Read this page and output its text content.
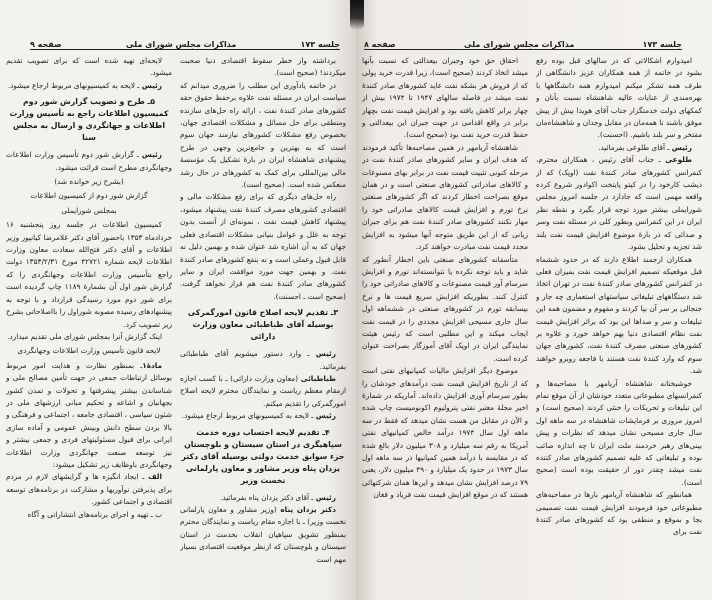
جلسه ۱۷۳
مذاکرات مجلس شورای ملی
صفحه ۹
برداشته واز خطر سقوط اقتصادی دنیا صحبت میکردند! (صحیح است).
در خاتمه یادآوری این مطلب را ضروری میدانم که سیاست ایران در مسئله نفت علاوه برحفظ حقوق حقه کشورهای صادر کنندهٔ نفت ، ارائه راه حل‌های سازنده ومنطقی برای حل مسائل و مشکلات اقتصادی جهان، بخصوص رفع مشکلات کشورهای نیازمند جهان سوم است که به بهترین و جامع‌ترین وجهی در طرح پیشنهادی شاهنشاه ایران در بارهٔ تشکیل یک مؤسسهٔ مالی بین‌المللی برای کمک به کشورهای در حال رشد منعکس شده است. (صحیح است).
راه حل‌های دیگری که برای رفع مشکلات مالی و اقتصادی کشورهای مصرف کنندهٔ نفت پیشنهاد میشود، پیشنهاد کاهش قیمت نفت ، نمونه‌ای از آنست بدون توجه به علل و عوامل بنیانی مشکلات اقتصادی فعلی جهان که به آن اشاره شد عنوان شده و بهمین دلیل نه قابل قبول وعملی است و نه بنفع کشورهای صادر کنندهٔ نفت. و بهمین جهت مورد موافقت ایران و سایر کشورهای صادر کنندهٔ نفت هم قرار نخواهد گرفت. (صحیح است ـ احسنت).
۳ـ تقدیم لایحه اصلاح قانون امورگمرکی بوسیله آقای طباطبائی معاون وزارت دارائی
رئیس ـ وارد دستور میشویم آقای طباطبائی بفرمائید.
طباطبائی (معاون وزارت دارائی) ـ با کسب اجازه ازمقام معظم ریاست و نمایندگان محترم لایحه اصلاح امورگمرکی را تقدیم میکنم.
رئیس ـ لایحه به کمیسیونهای مربوط ارجاع میشود.
۴ـ تقدیم لایحه احتساب دوره خدمت سپاهیگری در استان سیستان و بلوچستان جزء سوابق خدمت دولتی بوسیله آقای دکتر یزدان پناه وزیر مشاور و معاون پارلمانی نخست وزیر
رئیس ـ آقای دکتر یزدان پناه بفرمائید.
دکتر یزدان پناه (وزیر مشاور و معاون پارلمانی نخست وزیر) ـ با اجازه مقام ریاست و نمایندگان محترم بمنظور تشویق سپاهیان انقلاب بخدمت در استان سیستان و بلوچستان که ازنظر موقعیت اقتصادی بسیار مهم است
لایحه‌ای تهیه شده است که برای تصویب تقدیم میشود.
رئیس ـ لایحه به کمیسیونهای مربوط ارجاع میشود.
۵ـ طرح و تصویب گزارش شور دوم کمیسیون اطلاعات راجع به تأسیس وزارت اطلاعات و جهانگردی و ارسال به مجلس سنا
رئیس ـ گزارش شور دوم تأسیس وزارت اطلاعات وجهانگردی مطرح است قرائت میشود.
(بشرح زیر خوانده شد)
گزارش شور دوم از کمیسیون اطلاعات
بمجلس شورایملی
کمیسیون اطلاعات در جلسه روز پنجشنبه ۱۶ خردادماه ۱۳۵۳ باحضور آقای دکتر غلامرضا کیانپور وزیر اطلاعات و آقای دکتر فتح‌الله سعادت معاون وزارت اطلاعات لایحه شماره ۴۲۷۲۱ مورخ ۱۳۵۳/۲/۳۱ دولت راجع بتأسیس وزارت اطلاعات وجهانگردی را که گزارش شور اول آن بشمارهٔ ۱۱۸۹ چاپ گردیده است برای شور دوم مورد رسیدگی قرارداد و با توجه به پیشنهادهای رسیده مصوبه شوراول را بااصلاحاتی بشرح زیر تصویب کرد.
اینک گزارش آنرا بمجلس شورای ملی تقدیم میدارد.
لایحه قانون تأسیس وزارت اطلاعات وجهانگردی
مادهٔ۱ـ بمنظور نظارت و هدایت امور مربوط بوسائل ارتباطات جمعی در جهت تأمین مصالح ملی و شناساندن بیشتر پیشرفتها و تحولات و تمدن کشور بجهانیان و اشاعه و تحکیم مبانی ارزشهای ملی در شئون سیاسی ، اقتصادی جامعه ، اجتماعی و فرهنگی و بالا بردن سطح دانش وبینش عمومی و آماده سازی ایرانی برای قبول مسئولیتهای فردی و جمعی بیشتر و نیز توسعه صنعت جهانگردی وزارت اطلاعات وجهانگردی باوظایف زیر تشکیل میشود:
الف ـ ایجاد انگیزه ها و گرایشهای لازم در مردم برای پذیرفتن نوآوریها و مشارکت در برنامه‌های توسعه اقتصادی و اجتماعی کشور.
ب ـ تهیه و اجرای برنامه‌های انتشاراتی و آگاه
جلسه ۱۷۳
مذاکرات مجلس شورای ملی
صفحه ۸
امیدوارم اشکالاتی که در سالهای قبل بوده رفع بشود در خاتمه از همه همکاران عزیز دانشگاهی از طرف همه تشکر میکنم امیدوارم همه دانشگاهها با بهره‌مندی از عنایات عالیه شاهنشاه نسبت بآنان و کمکهای دولت خدمتگزار جناب آقای هویدا بیش از پیش موفق باشند تا همه‌مان در مقابل وجدان و شاهنشاه‌مان مفتخر و سر بلند باشیم. (احسنت).
رئیس ـ آقای طلوعی بفرمائید.
طلوعی ـ جناب آقای رئیس ، همکاران محترم، کنفرانس کشورهای صادر کنندهٔ نفت (اوپک) که از دیشب کارخود را در کیتو پایتخت اکوادور شروع کرده واقعه مهمی است که جادارد در جلسه امروز مجلس شورایملی بیشتر مورد توجه قرار بگیرد و نقطه نظر ایران در این کنفرانس وبطور کلی در مسئله نفت وسر و صدائی که در بارهٔ موضوع افزایش قیمت نفت بلند شد تجزیه و تحلیل بشود.
همکاران ارجمند اطلاع دارند که در حدود ششماه قبل موقعیکه تصمیم افزایش قیمت نفت بمیزان فعلی در کنفرانس کشورهای صادر کنندهٔ نفت در تهران اتخاذ شد دستگاههای تبلیغاتی سیاستهای استعماری چه جار و جنجالی بر سر آن بپا کردند و مفهوم و مضمون همه این تبلیغات و سر و صداها این بود که براثر افزایش قیمت نفت نظام اقتصادی دنیا بهم خواهد خورد و علاوه بر کشورهای صنعتی مصرف کنندهٔ نفت، کشورهای جهان سوم که وارد کنندهٔ نفت هستند با فاجعه روبرو خواهند شد.
خوشبختانه شاهنشاه آریامهر با مصاحبه‌ها و کنفرانسهای مطبوعاتی متعدد خودشان از آن موقع تمام این تبلیغات و تحریکات را خنثی کردند (صحیح است) و امروز مروری بر فرمایشات شاهنشاه در سه ماهه اول سال جاری مسیحی نشان میدهد که نظرات و پیش بینی‌های رهبر خردمند ملت ایران تا چه اندازه صائب بوده و تبلیغاتی که علیه تصمیم کشورهای صادر کننده نفت میشد چقدر دور از حقیقت بوده است (صحیح است).
همانطور که شاهنشاه آریامهر بارها در مصاحبه‌های مطبوعاتی خود فرمودند افزایش قیمت نفت تصمیمی بجا و بموقع و منطقی بود که کشورهای صادر کنندهٔ نفت برای
احقاق حق خود وجبران بیعدالتی که نسبت بآنها میشد اتخاذ کردند (صحیح است)، زیرا قدرت خرید پولی که از فروش هر بشکه نفت عاید کشورهای صادر کنندهٔ نفت میشد در فاصله سالهای ۱۹۴۷ تا ۱۹۷۴ بیش از چهار برابر کاهش یافته بود و افزایش قیمت نفت بچهار برابر در واقع اقدامی در جهت جبران این بیعدالتی و حفظ قدرت خرید نفت بود (صحیح است).
شاهنشاه آریامهر در همین مصاحبه‌ها تأکید فرمودند که هدف ایران و سایر کشورهای صادر کنندهٔ نفت در مرحله کنونی تثبیت قیمت نفت در برابر بهای مصنوعات و کالاهای صادراتی کشورهای صنعتی است و در همان موقع بصراحت اخطار کردند که اگر کشورهای صنعتی نرخ تورم و افزایش قیمت کالاهای صادراتی خود را مهار نکنند کشورهای صادر کنندهٔ نفت هم برای جبران زیانی که از این طریق متوجه آنها میشود به افزایش مجدد قیمت نفت مبادرت خواهند کرد.
متأسفانه کشورهای صنعتی باین اخطار آنطور که شاید و باید توجه نکرده یا نتوانسته‌اند تورم و افزایش سرسام آور قیمت مصنوعات و کالاهای صادراتی خود را کنترل کنند. بطوریکه افزایش سریع قیمت ها و نرخ بیسابقه تورم در کشورهای صنعتی در ششماهه اول سال جاری مسیحی افزایش مجددی را در قیمت نفت ایجاب میکند و این مطلبی است که رئیس هیئت نمایندگی ایران در اوپک آقای آموزگار بصراحت عنوان کرده است.
موضوع دیگر افزایش مالیات کمپانیهای نفتی است که از تاریخ افزایش قیمت نفت درآمدهای خودشان را بطور سرسام آوری افزایش داده‌اند. آماریکه در شمارهٔ اخیر مجلهٔ معتبر نفتی پترولیوم اکونومیست چاپ شده و الآن در مقابل من هست نشان میدهد که فقط در سه ماهه اول سال ۱۹۷۴ درآمد خالص کمپانیهای نفتی آمریکا به رقم سه میلیارد و ۳۰۸ میلیون دلار بالغ شده که در مقایسه با درآمد همین کمپانیها در سه ماهه اول سال ۱۹۷۳ در حدود یک میلیارد و ۴۹۰ میلیون دلار، یعنی ۷۹ درصد افزایش نشان میدهد و این‌ها همان شرکتهائی هستند که در موقع افزایش قیمت نفت فریاد و فغان
